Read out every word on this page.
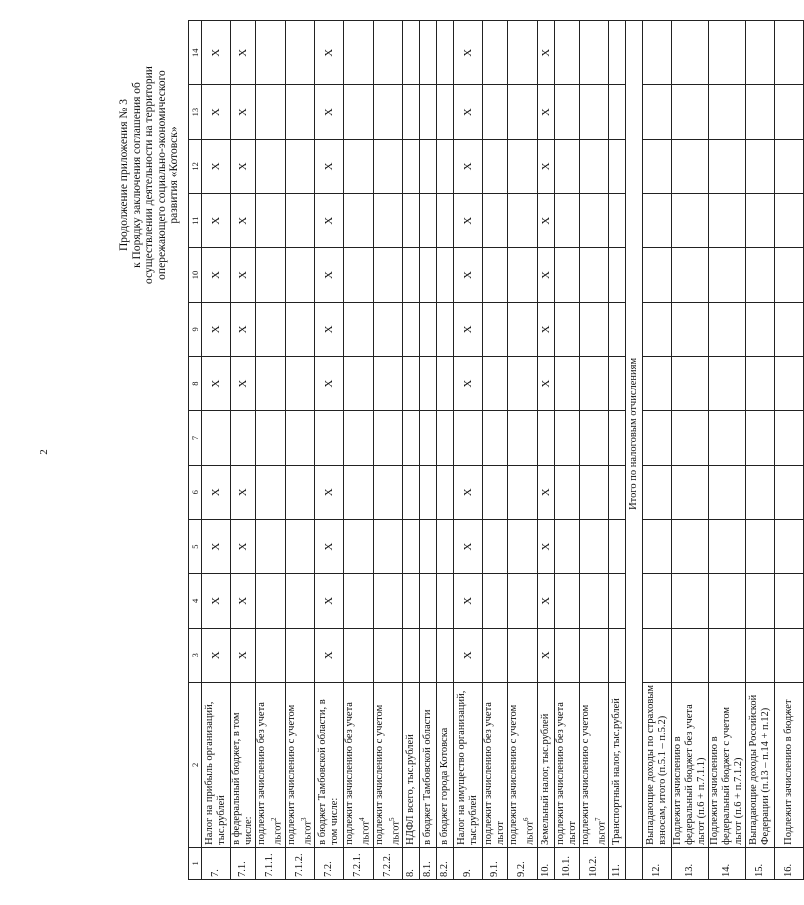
2
Продолжение приложения № 3 к Порядку заключения соглашения об осуществлении деятельности на территории опережающего социально-экономического развития «Котовск»
1	2	3	4	5	6	7	8	9	10	11	12	13	14
7.	Налог на прибыль организаций, тыс.рублей	Х	Х	Х	Х		Х	Х	Х	Х	Х	Х	Х
7.1.	в федеральный бюджет, в том числе:	Х	Х	Х	Х		Х	Х	Х	Х	Х	Х	Х
7.1.1.	подлежит зачислению без учета льгот$^2$												
7.1.2.	подлежит зачислению с учетом льгот$^3$												
7.2.	в бюджет Тамбовской области, в том числе:	Х	Х	Х	Х		Х	Х	Х	Х	Х	Х	Х
7.2.1.	подлежит зачислению без учета льгот$^4$												
7.2.2.	подлежит зачислению с учетом льгот$^5$												
8.	НДФЛ всего, тыс.рублей												
8.1.	в бюджет Тамбовской области												
8.2.	в бюджет города Котовска												
9.	Налог на имущество организаций, тыс.рублей	Х	Х	Х	Х		Х	Х	Х	Х	Х	Х	Х
9.1.	подлежит зачислению без учета льгот												
9.2.	подлежит зачислению с учетом льгот$^6$												
10.	Земельный налог, тыс.рублей	Х	Х	Х	Х		Х	Х	Х	Х	Х	Х	Х
10.1.	подлежит зачислению без учета льгот												
10.2.	подлежит зачислению с учетом льгот$^7$												
11.	Транспортный налог, тыс.рублей												
	Итого по налоговым отчислениям												
12.	Выпадающие доходы по страховым взносам, итого (п.5.1 – п.5.2)												
13.	Подлежит зачислению в федеральный бюджет без учета льгот (п.6 + п.7.1.1)												
14.	Подлежит зачислению в федеральный бюджет с учетом льгот (п.6 + п.7.1.2)												
15.	Выпадающие доходы Российской Федерации (п.13 – п.14 + п.12)												
16.	Подлежит зачислению в бюджет												
